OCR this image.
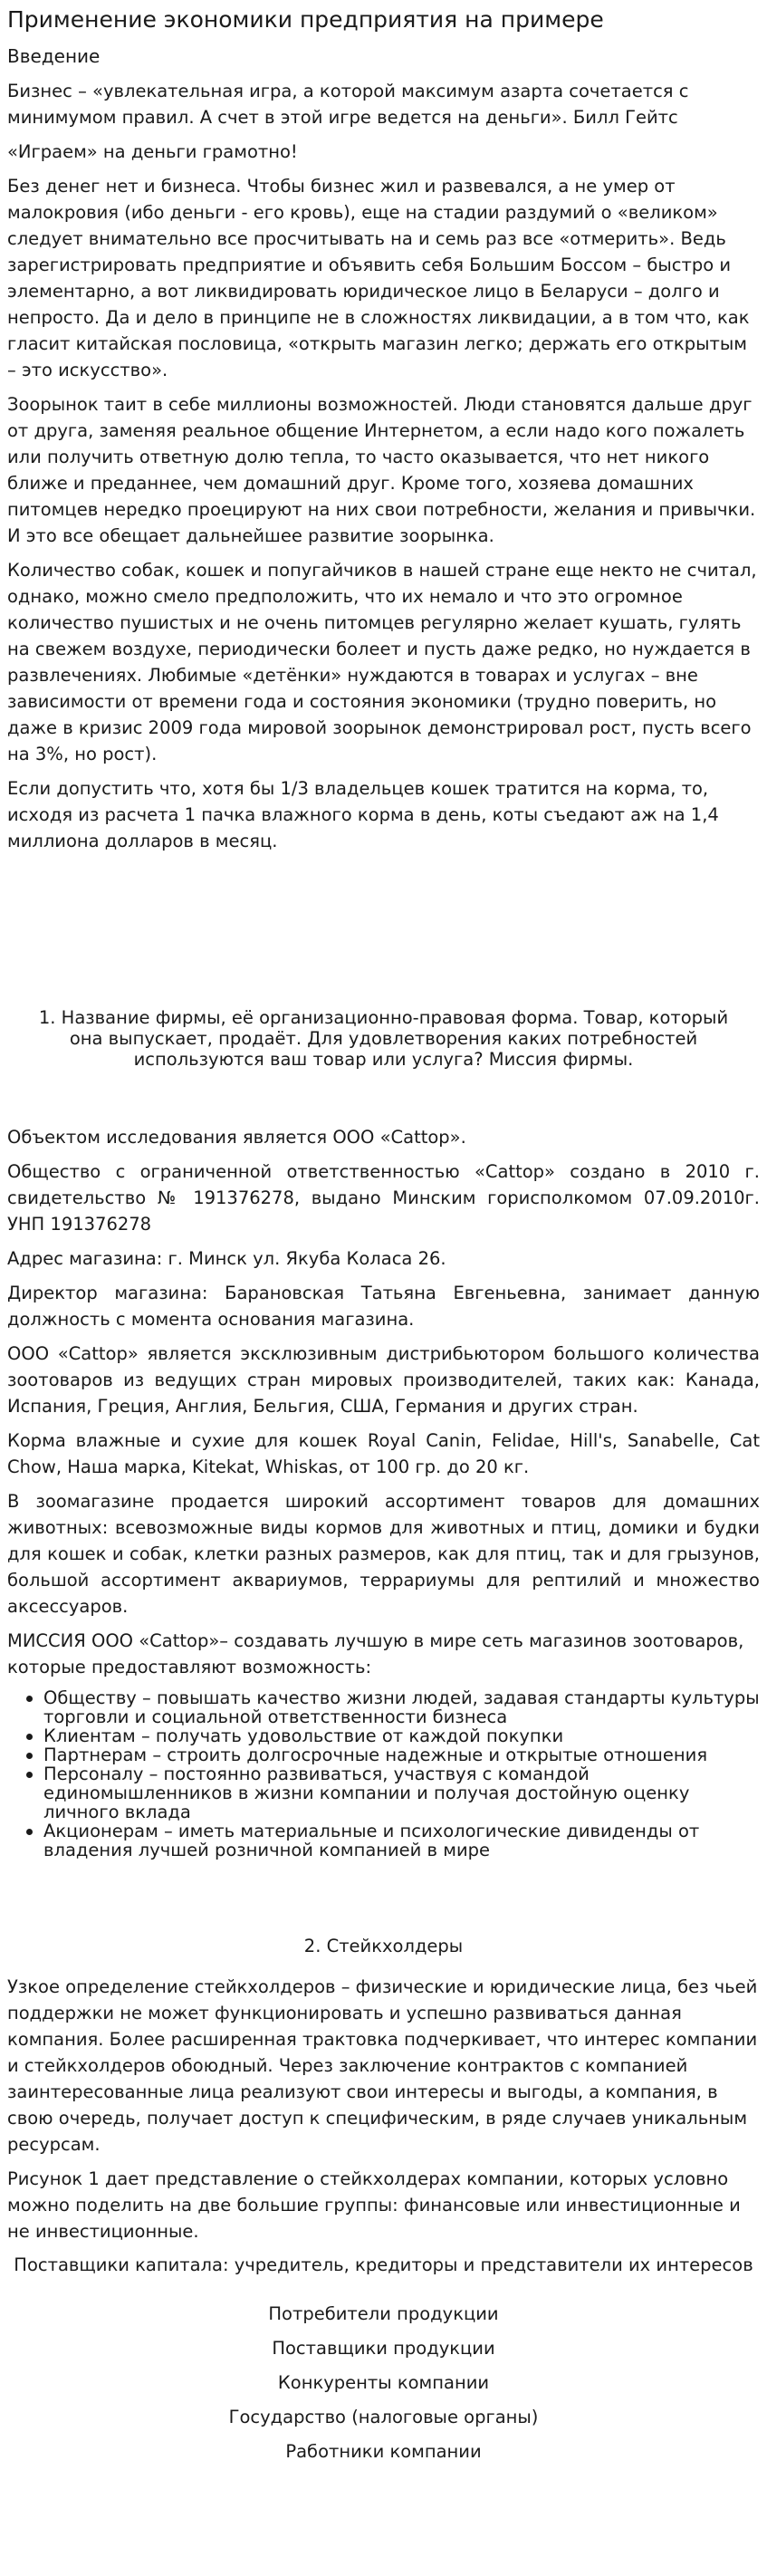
Применение экономики предприятия на примере
Введение

Бизнес – «увлекательная игра, а которой максимум азарта сочетается с минимумом правил. А счет в этой игре ведется на деньги». Билл Гейтс

«Играем» на деньги грамотно!

Без денег нет и бизнеса. Чтобы бизнес жил и развевался, а не умер от малокровия (ибо деньги - его кровь), еще на стадии раздумий о «великом» следует внимательно все просчитывать на и семь раз все «отмерить». Ведь зарегистрировать предприятие и объявить себя Большим Боссом – быстро и элементарно, а вот ликвидировать юридическое лицо в Беларуси – долго и непросто. Да и дело в принципе не в сложностях ликвидации, а в том что, как гласит китайская пословица, «открыть магазин легко; держать его открытым – это искусство».

Зоорынок таит в себе миллионы возможностей. Люди становятся дальше друг от друга, заменяя реальное общение Интернетом, а если надо кого пожалеть или получить ответную долю тепла, то часто оказывается, что нет никого ближе и преданнее, чем домашний друг. Кроме того, хозяева домашних питомцев нередко проецируют на них свои потребности, желания и привычки. И это все обещает дальнейшее развитие зоорынка.

Количество собак, кошек и попугайчиков в нашей стране еще некто не считал, однако, можно смело предположить, что их немало и что это огромное количество пушистых и не очень питомцев регулярно желает кушать, гулять на свежем воздухе, периодически болеет и пусть даже редко, но нуждается в развлечениях. Любимые «детёнки» нуждаются в товарах и услугах – вне зависимости от времени года и состояния экономики (трудно поверить, но даже в кризис 2009 года мировой зоорынок демонстрировал рост, пусть всего на 3%, но рост).

Если допустить что, хотя бы 1/3 владельцев кошек тратится на корма, то, исходя из расчета 1 пачка влажного корма в день, коты съедают аж на 1,4 миллиона долларов в месяц.

1. Название фирмы, её организационно-правовая форма. Товар, который она выпускает, продаёт. Для удовлетворения каких потребностей используются ваш товар или услуга? Миссия фирмы.

Объектом исследования является ООО «Cattop».

Общество с ограниченной ответственностью «Cattop» создано в 2010 г. свидетельство № 191376278, выдано Минским горисполкомом 07.09.2010г. УНП 191376278

Адрес магазина: г. Минск ул. Якуба Коласа 26.

Директор магазина: Барановская Татьяна Евгеньевна, занимает данную должность с момента основания магазина.

ООО «Cattop» является эксклюзивным дистрибьютором большого количества зоотоваров из ведущих стран мировых производителей, таких как: Канада, Испания, Греция, Англия, Бельгия, США, Германия и других стран.

Корма влажные и сухие для кошек Royal Canin, Felidae, Hill's, Sanabelle, Cat Chow, Наша марка, Kitekat, Whiskas, от 100 гр. до 20 кг.

В зоомагазине продается широкий ассортимент товаров для домашних животных: всевозможные виды кормов для животных и птиц, домики и будки для кошек и собак, клетки разных размеров, как для птиц, так и для грызунов, большой ассортимент аквариумов, террариумы для рептилий и множество аксессуаров.

МИССИЯ ООО «Cattop»– создавать лучшую в мире сеть магазинов зоотоваров, которые предоставляют возможность:

Обществу – повышать качество жизни людей, задавая стандарты культуры торговли и социальной ответственности бизнеса
Клиентам – получать удовольствие от каждой покупки
Партнерам – строить долгосрочные надежные и открытые отношения
Персоналу – постоянно развиваться, участвуя с командой единомышленников в жизни компании и получая достойную оценку личного вклада
Акционерам – иметь материальные и психологические дивиденды от владения лучшей розничной компанией в мире
2. Стейкхолдеры

Узкое определение стейкхолдеров – физические и юридические лица, без чьей поддержки не может функционировать и успешно развиваться данная компания. Более расширенная трактовка подчеркивает, что интерес компании и стейкхолдеров обоюдный. Через заключение контрактов с компанией заинтересованные лица реализуют свои интересы и выгоды, а компания, в свою очередь, получает доступ к специфическим, в ряде случаев уникальным ресурсам.

Рисунок 1 дает представление о стейкхолдерах компании, которых условно можно поделить на две большие группы: финансовые или инвестиционные и не инвестиционные.

Поставщики капитала: учредитель, кредиторы и представители их интересов
Потребители продукции
Поставщики продукции
Конкуренты компании
Государство (налоговые органы)
Работники компании
